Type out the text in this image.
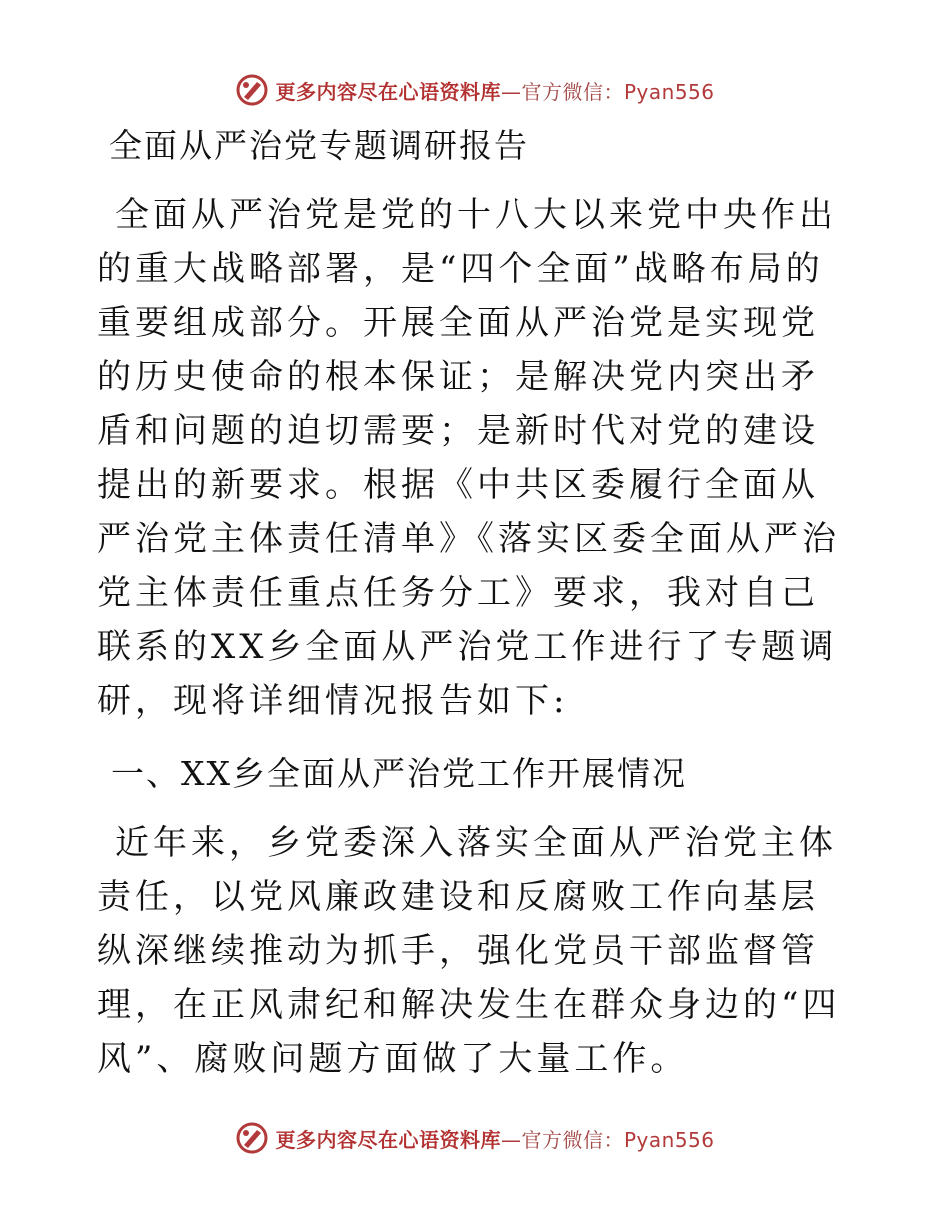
更多内容尽在心语资料库—官方微信：Pyan556
全面从严治党专题调研报告

全面从严治党是党的十八大以来党中央作出的重大战略部署，是“四个全面”战略布局的重要组成部分。开展全面从严治党是实现党的历史使命的根本保证；是解决党内突出矛盾和问题的迫切需要；是新时代对党的建设提出的新要求。根据《中共区委履行全面从严治党主体责任清单》《落实区委全面从严治党主体责任重点任务分工》要求，我对自己联系的XX乡全面从严治党工作进行了专题调研，现将详细情况报告如下:

一、XX乡全面从严治党工作开展情况

近年来，乡党委深入落实全面从严治党主体责任，以党风廉政建设和反腐败工作向基层纵深继续推动为抓手，强化党员干部监督管理，在正风肃纪和解决发生在群众身边的“四风”、腐败问题方面做了大量工作。

更多内容尽在心语资料库—官方微信：Pyan556
